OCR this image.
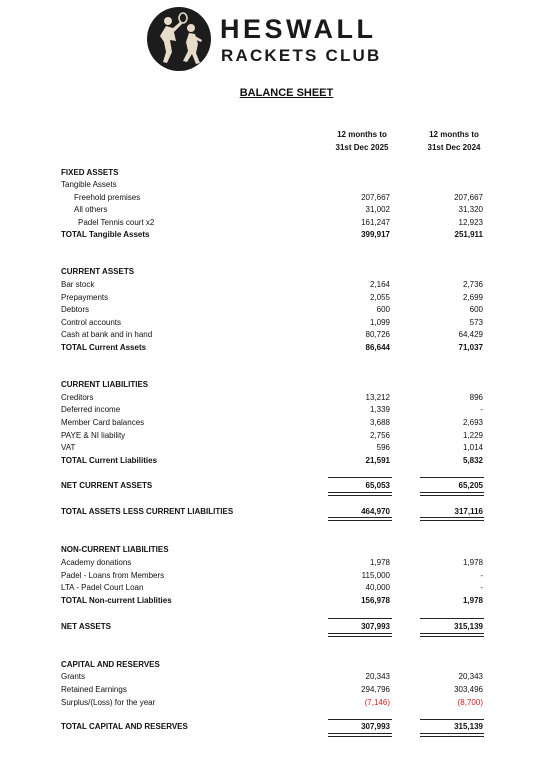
HESWALL
RACKETS CLUB
BALANCE SHEET
12 months to
31st Dec 2025
12 months to
31st Dec 2024
FIXED ASSETS
Tangible Assets
Freehold premises	207,667	207,667
All others	31,002	31,320
Padel Tennis court x2	161,247	12,923
TOTAL Tangible Assets	399,917	251,911
CURRENT ASSETS
Bar stock	2,164	2,736
Prepayments	2,055	2,699
Debtors	600	600
Control accounts	1,099	573
Cash at bank and in hand	80,726	64,429
TOTAL Current Assets	86,644	71,037
CURRENT LIABILITIES
Creditors	13,212	896
Deferred income	1,339	-
Member Card balances	3,688	2,693
PAYE & NI liability	2,756	1,229
VAT	596	1,014
TOTAL Current Liabilities	21,591	5,832
NET CURRENT ASSETS	65,053	65,205
TOTAL ASSETS LESS CURRENT LIABILITIES	464,970	317,116
NON-CURRENT LIABILITIES
Academy donations	1,978	1,978
Padel - Loans from Members	115,000	-
LTA - Padel Court Loan	40,000	-
TOTAL Non-current Liablities	156,978	1,978
NET ASSETS	307,993	315,139
CAPITAL AND RESERVES
Grants	20,343	20,343
Retained Earnings	294,796	303,496
Surplus/(Loss) for the year	(7,146)	(8,700)
TOTAL CAPITAL AND RESERVES	307,993	315,139
